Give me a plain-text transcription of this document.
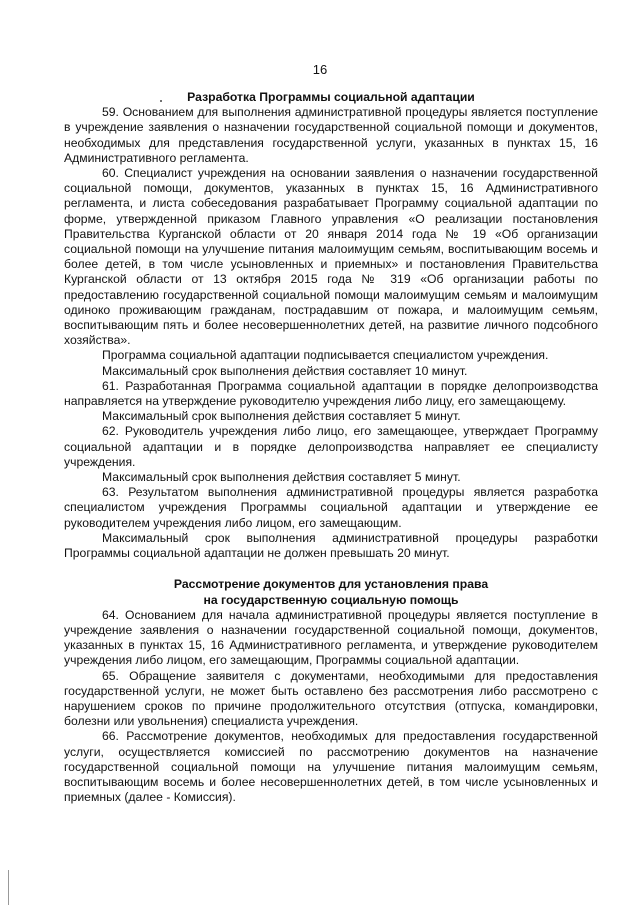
16

Разработка Программы социальной адаптации

59. Основанием для выполнения административной процедуры является поступление в учреждение заявления о назначении государственной социальной помощи и документов, необходимых для представления государственной услуги, указанных в пунктах 15, 16 Административного регламента.

60. Специалист учреждения на основании заявления о назначении государственной социальной помощи, документов, указанных в пунктах 15, 16 Административного регламента, и листа собеседования разрабатывает Программу социальной адаптации по форме, утвержденной приказом Главного управления «О реализации постановления Правительства Курганской области от 20 января 2014 года № 19 «Об организации социальной помощи на улучшение питания малоимущим семьям, воспитывающим восемь и более детей, в том числе усыновленных и приемных» и постановления Правительства Курганской области от 13 октября 2015 года № 319 «Об организации работы по предоставлению государственной социальной помощи малоимущим семьям и малоимущим одиноко проживающим гражданам, пострадавшим от пожара, и малоимущим семьям, воспитывающим пять и более несовершеннолетних детей, на развитие личного подсобного хозяйства».

Программа социальной адаптации подписывается специалистом учреждения.

Максимальный срок выполнения действия составляет 10 минут.

61. Разработанная Программа социальной адаптации в порядке делопроизводства направляется на утверждение руководителю учреждения либо лицу, его замещающему.

Максимальный срок выполнения действия составляет 5 минут.

62. Руководитель учреждения либо лицо, его замещающее, утверждает Программу социальной адаптации и в порядке делопроизводства направляет ее специалисту учреждения.

Максимальный срок выполнения действия составляет 5 минут.

63. Результатом выполнения административной процедуры является разработка специалистом учреждения Программы социальной адаптации и утверждение ее руководителем учреждения либо лицом, его замещающим.

Максимальный срок выполнения административной процедуры разработки Программы социальной адаптации не должен превышать 20 минут.

Рассмотрение документов для установления права

на государственную социальную помощь

64. Основанием для начала административной процедуры является поступление в учреждение заявления о назначении государственной социальной помощи, документов, указанных в пунктах 15, 16 Административного регламента, и утверждение руководителем учреждения либо лицом, его замещающим, Программы социальной адаптации.

65. Обращение заявителя с документами, необходимыми для предоставления государственной услуги, не может быть оставлено без рассмотрения либо рассмотрено с нарушением сроков по причине продолжительного отсутствия (отпуска, командировки, болезни или увольнения) специалиста учреждения.

66. Рассмотрение документов, необходимых для предоставления государственной услуги, осуществляется комиссией по рассмотрению документов на назначение государственной социальной помощи на улучшение питания малоимущим семьям, воспитывающим восемь и более несовершеннолетних детей, в том числе усыновленных и приемных (далее - Комиссия).
